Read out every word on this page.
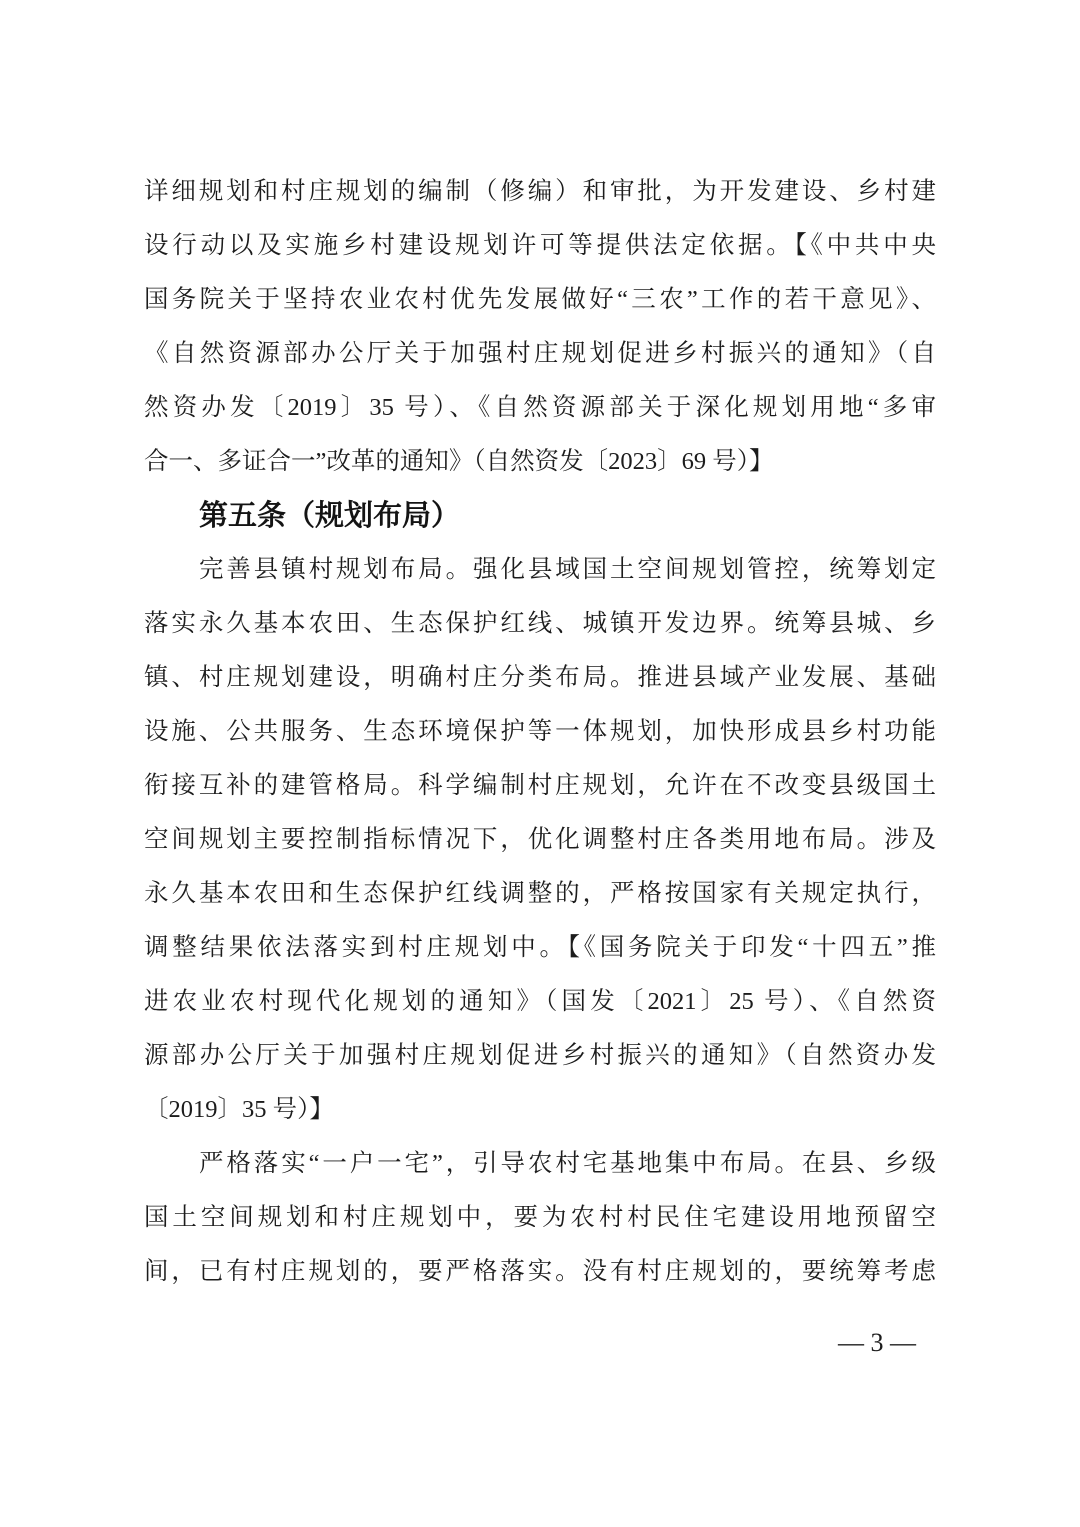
详细规划和村庄规划的编制（修编）和审批，为开发建设、乡村建
设行动以及实施乡村建设规划许可等提供法定依据。【《中共中央
国务院关于坚持农业农村优先发展做好“三农”工作的若干意见》、
《自然资源部办公厅关于加强村庄规划促进乡村振兴的通知》（自
然资办发〔2019〕35 号）、《自然资源部关于深化规划用地“多审
合一、多证合一”改革的通知》（自然资发〔2023〕69 号）】
第五条（规划布局）
完善县镇村规划布局。强化县域国土空间规划管控，统筹划定
落实永久基本农田、生态保护红线、城镇开发边界。统筹县城、乡
镇、村庄规划建设，明确村庄分类布局。推进县域产业发展、基础
设施、公共服务、生态环境保护等一体规划，加快形成县乡村功能
衔接互补的建管格局。科学编制村庄规划，允许在不改变县级国土
空间规划主要控制指标情况下，优化调整村庄各类用地布局。涉及
永久基本农田和生态保护红线调整的，严格按国家有关规定执行，
调整结果依法落实到村庄规划中。【《国务院关于印发“十四五”推
进农业农村现代化规划的通知》（国发〔2021〕25 号）、《自然资
源部办公厅关于加强村庄规划促进乡村振兴的通知》（自然资办发
〔2019〕35 号）】
严格落实“一户一宅”，引导农村宅基地集中布局。在县、乡级
国土空间规划和村庄规划中，要为农村村民住宅建设用地预留空
间，已有村庄规划的，要严格落实。没有村庄规划的，要统筹考虑
— 3 —
